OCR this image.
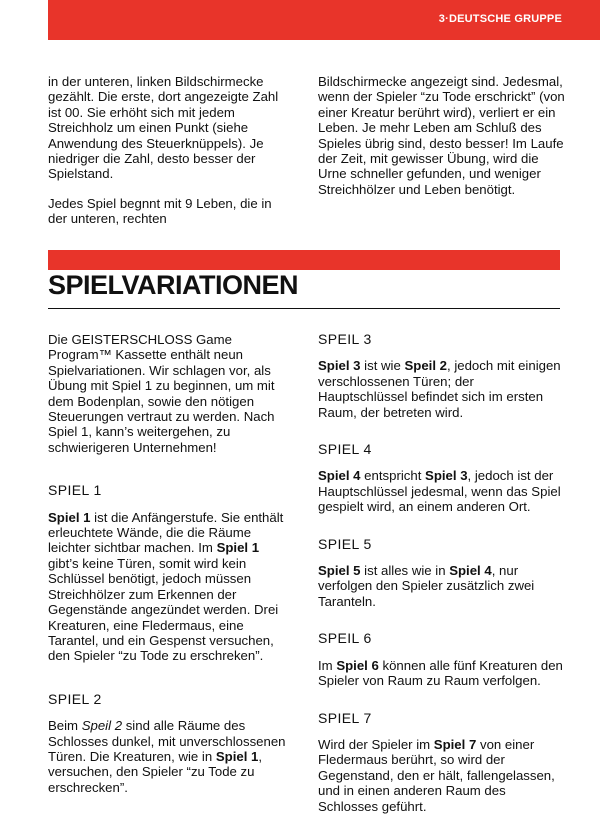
3·DEUTSCHE GRUPPE

in der unteren, linken Bildschirmecke gezählt. Die erste, dort angezeigte Zahl ist 00. Sie erhöht sich mit jedem Streichholz um einen Punkt (siehe Anwendung des Steuerknüppels). Je niedriger die Zahl, desto besser der Spielstand.

Jedes Spiel begnnt mit 9 Leben, die in der unteren, rechten

Bildschirmecke angezeigt sind. Jedesmal, wenn der Spieler “zu Tode erschrickt” (von einer Kreatur berührt wird), verliert er ein Leben. Je mehr Leben am Schluß des Spieles übrig sind, desto besser! Im Laufe der Zeit, mit gewisser Übung, wird die Urne schneller gefunden, und weniger Streichhölzer und Leben benötigt.

SPIELVARIATIONEN

Die GEISTERSCHLOSS Game Program™ Kassette enthält neun Spielvariationen. Wir schlagen vor, als Übung mit Spiel 1 zu beginnen, um mit dem Bodenplan, sowie den nötigen Steuerungen vertraut zu werden. Nach Spiel 1, kann’s weitergehen, zu schwierigeren Unternehmen!

SPIEL 1

Spiel 1 ist die Anfängerstufe. Sie enthält erleuchtete Wände, die die Räume leichter sichtbar machen. Im Spiel 1 gibt’s keine Türen, somit wird kein Schlüssel benötigt, jedoch müssen Streichhölzer zum Erkennen der Gegenstände angezündet werden. Drei Kreaturen, eine Fledermaus, eine Tarantel, und ein Gespenst versuchen, den Spieler “zu Tode zu erschreken”.

SPIEL 2

Beim Speil 2 sind alle Räume des Schlosses dunkel, mit unverschlossenen Türen. Die Kreaturen, wie in Spiel 1, versuchen, den Spieler “zu Tode zu erschrecken”.

SPEIL 3

Spiel 3 ist wie Speil 2, jedoch mit einigen verschlossenen Türen; der Hauptschlüssel befindet sich im ersten Raum, der betreten wird.

SPIEL 4

Spiel 4 entspricht Spiel 3, jedoch ist der Hauptschlüssel jedesmal, wenn das Spiel gespielt wird, an einem anderen Ort.

SPIEL 5

Spiel 5 ist alles wie in Spiel 4, nur verfolgen den Spieler zusätzlich zwei Taranteln.

SPEIL 6

Im Spiel 6 können alle fünf Kreaturen den Spieler von Raum zu Raum verfolgen.

SPIEL 7

Wird der Spieler im Spiel 7 von einer Fledermaus berührt, so wird der Gegenstand, den er hält, fallengelassen, und in einen anderen Raum des Schlosses geführt.
